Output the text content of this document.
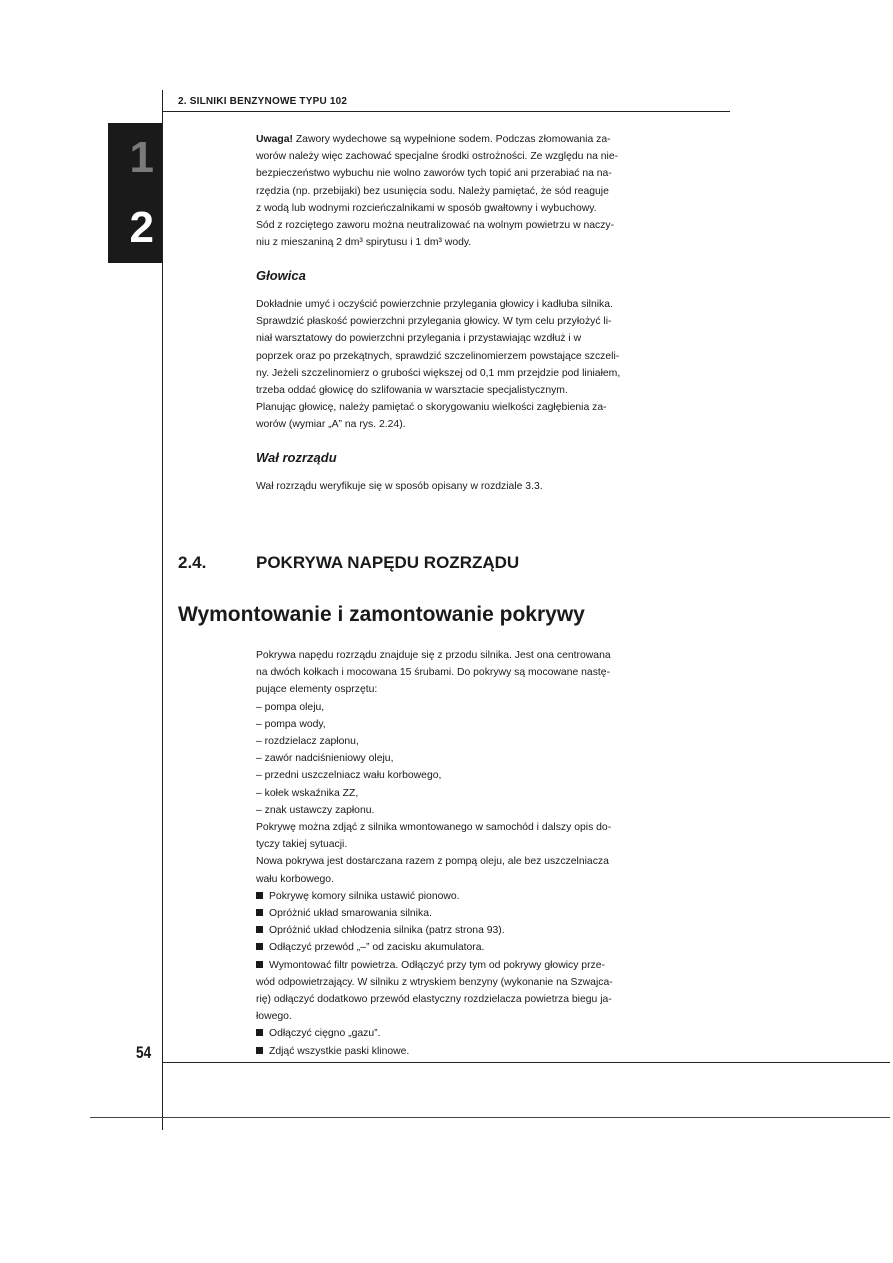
1
2
2. SILNIKI BENZYNOWE TYPU 102

Uwaga! Zawory wydechowe są wypełnione sodem. Podczas złomowania za-

worów należy więc zachować specjalne środki ostrożności. Ze względu na nie-

bezpieczeństwo wybuchu nie wolno zaworów tych topić ani przerabiać na na-

rzędzia (np. przebijaki) bez usunięcia sodu. Należy pamiętać, że sód reaguje

z wodą lub wodnymi rozcieńczalnikami w sposób gwałtowny i wybuchowy.

Sód z rozciętego zaworu można neutralizować na wolnym powietrzu w naczy-

niu z mieszaniną 2 dm³ spirytusu i 1 dm³ wody.

Głowica

Dokładnie umyć i oczyścić powierzchnie przylegania głowicy i kadłuba silnika.

Sprawdzić płaskość powierzchni przylegania głowicy. W tym celu przyłożyć li-

niał warsztatowy do powierzchni przylegania i przystawiając wzdłuż i w

poprzek oraz po przekątnych, sprawdzić szczelinomierzem powstające szczeli-

ny. Jeżeli szczelinomierz o grubości większej od 0,1 mm przejdzie pod liniałem,

trzeba oddać głowicę do szlifowania w warsztacie specjalistycznym.

Planując głowicę, należy pamiętać o skorygowaniu wielkości zagłębienia za-

worów (wymiar „A” na rys. 2.24).

Wał rozrządu

Wał rozrządu weryfikuje się w sposób opisany w rozdziale 3.3.

2.4.	POKRYWA NAPĘDU ROZRZĄDU
Wymontowanie i zamontowanie pokrywy

Pokrywa napędu rozrządu znajduje się z przodu silnika. Jest ona centrowana

na dwóch kołkach i mocowana 15 śrubami. Do pokrywy są mocowane nastę-

pujące elementy osprzętu:

– pompa oleju,

– pompa wody,

– rozdzielacz zapłonu,

– zawór nadciśnieniowy oleju,

– przedni uszczelniacz wału korbowego,

– kołek wskaźnika ZZ,

– znak ustawczy zapłonu.

Pokrywę można zdjąć z silnika wmontowanego w samochód i dalszy opis do-

tyczy takiej sytuacji.

Nowa pokrywa jest dostarczana razem z pompą oleju, ale bez uszczelniacza

wału korbowego.

Pokrywę komory silnika ustawić pionowo.

Opróżnić układ smarowania silnika.

Opróżnić układ chłodzenia silnika (patrz strona 93).

Odłączyć przewód „–” od zacisku akumulatora.

Wymontować filtr powietrza. Odłączyć przy tym od pokrywy głowicy prze-

wód odpowietrzający. W silniku z wtryskiem benzyny (wykonanie na Szwajca-

rię) odłączyć dodatkowo przewód elastyczny rozdzielacza powietrza biegu ja-

łowego.

Odłączyć cięgno „gazu”.

Zdjąć wszystkie paski klinowe.

54
